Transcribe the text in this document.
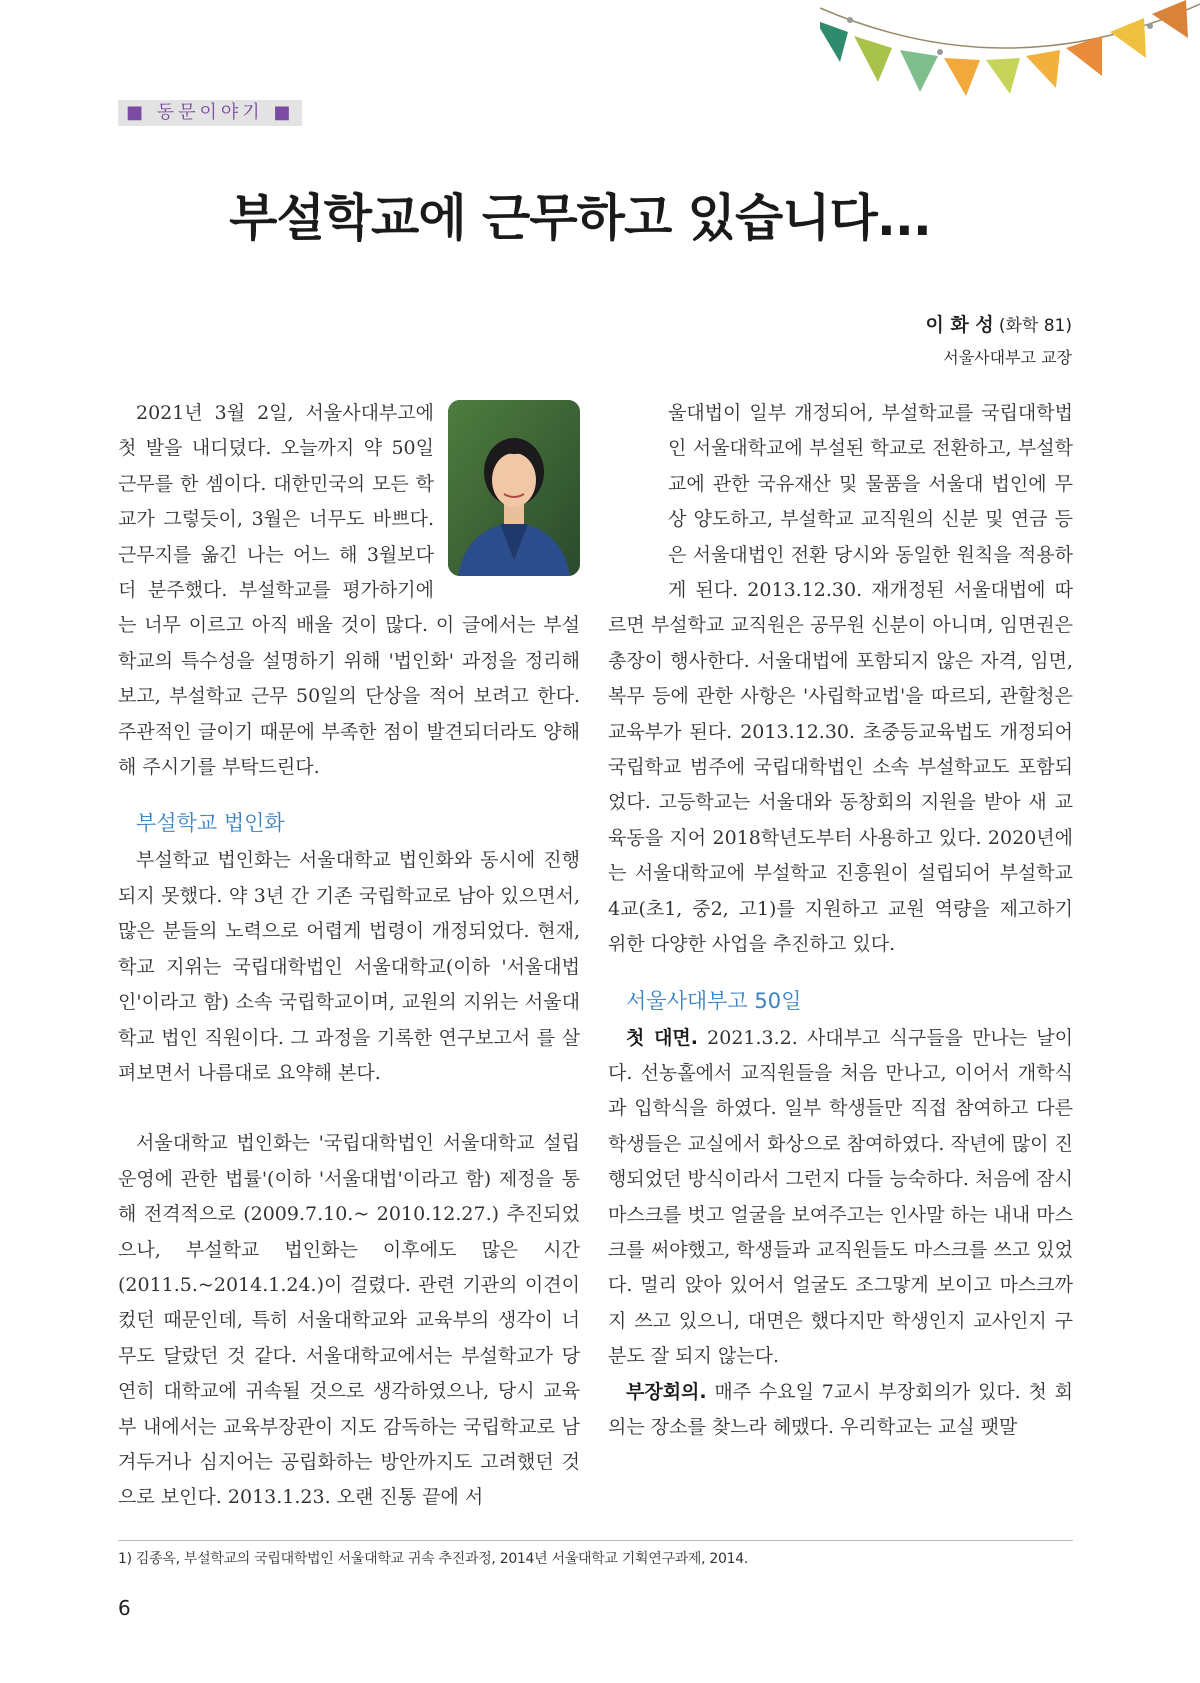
■ 동문이야기 ■
부설학교에 근무하고 있습니다...
이 화 성 (화학 81)
서울사대부고 교장

2021년 3월 2일, 서울사대부고에 첫 발을 내디뎠다. 오늘까지 약 50일 근무를 한 셈이다. 대한민국의 모든 학교가 그렇듯이, 3월은 너무도 바쁘다. 근무지를 옮긴 나는 어느 해 3월보다 더 분주했다. 부설학교를 평가하기에는 너무 이르고 아직 배울 것이 많다. 이 글에서는 부설학교의 특수성을 설명하기 위해 '법인화' 과정을 정리해 보고, 부설학교 근무 50일의 단상을 적어 보려고 한다. 주관적인 글이기 때문에 부족한 점이 발견되더라도 양해해 주시기를 부탁드린다.

부설학교 법인화

부설학교 법인화는 서울대학교 법인화와 동시에 진행되지 못했다. 약 3년 간 기존 국립학교로 남아 있으면서, 많은 분들의 노력으로 어렵게 법령이 개정되었다. 현재, 학교 지위는 국립대학법인 서울대학교(이하 '서울대법인'이라고 함) 소속 국립학교이며, 교원의 지위는 서울대학교 법인 직원이다. 그 과정을 기록한 연구보고서 를 살펴보면서 나름대로 요약해 본다.

서울대학교 법인화는 '국립대학법인 서울대학교 설립 운영에 관한 법률'(이하 '서울대법'이라고 함) 제정을 통해 전격적으로 (2009.7.10.~ 2010.12.27.) 추진되었으나, 부설학교 법인화는 이후에도 많은 시간(2011.5.~2014.1.24.)이 걸렸다. 관련 기관의 이견이 컸던 때문인데, 특히 서울대학교와 교육부의 생각이 너무도 달랐던 것 같다. 서울대학교에서는 부설학교가 당연히 대학교에 귀속될 것으로 생각하였으나, 당시 교육부 내에서는 교육부장관이 지도 감독하는 국립학교로 남겨두거나 심지어는 공립화하는 방안까지도 고려했던 것으로 보인다. 2013.1.23. 오랜 진통 끝에 서

울대법이 일부 개정되어, 부설학교를 국립대학법인 서울대학교에 부설된 학교로 전환하고, 부설학교에 관한 국유재산 및 물품을 서울대 법인에 무상 양도하고, 부설학교 교직원의 신분 및 연금 등은 서울대법인 전환 당시와 동일한 원칙을 적용하게 된다. 2013.12.30. 재개정된 서울대법에 따르면 부설학교 교직원은 공무원 신분이 아니며, 임면권은 총장이 행사한다. 서울대법에 포함되지 않은 자격, 임면, 복무 등에 관한 사항은 '사립학교법'을 따르되, 관할청은 교육부가 된다. 2013.12.30. 초중등교육법도 개정되어 국립학교 범주에 국립대학법인 소속 부설학교도 포함되었다. 고등학교는 서울대와 동창회의 지원을 받아 새 교육동을 지어 2018학년도부터 사용하고 있다. 2020년에는 서울대학교에 부설학교 진흥원이 설립되어 부설학교 4교(초1, 중2, 고1)를 지원하고 교원 역량을 제고하기 위한 다양한 사업을 추진하고 있다.

서울사대부고 50일

첫 대면. 2021.3.2. 사대부고 식구들을 만나는 날이다. 선농홀에서 교직원들을 처음 만나고, 이어서 개학식과 입학식을 하였다. 일부 학생들만 직접 참여하고 다른 학생들은 교실에서 화상으로 참여하였다. 작년에 많이 진행되었던 방식이라서 그런지 다들 능숙하다. 처음에 잠시 마스크를 벗고 얼굴을 보여주고는 인사말 하는 내내 마스크를 써야했고, 학생들과 교직원들도 마스크를 쓰고 있었다. 멀리 앉아 있어서 얼굴도 조그맣게 보이고 마스크까지 쓰고 있으니, 대면은 했다지만 학생인지 교사인지 구분도 잘 되지 않는다.

부장회의. 매주 수요일 7교시 부장회의가 있다. 첫 회의는 장소를 찾느라 헤맸다. 우리학교는 교실 팻말

1) 김종옥, 부설학교의 국립대학법인 서울대학교 귀속 추진과정, 2014년 서울대학교 기획연구과제, 2014.
6
